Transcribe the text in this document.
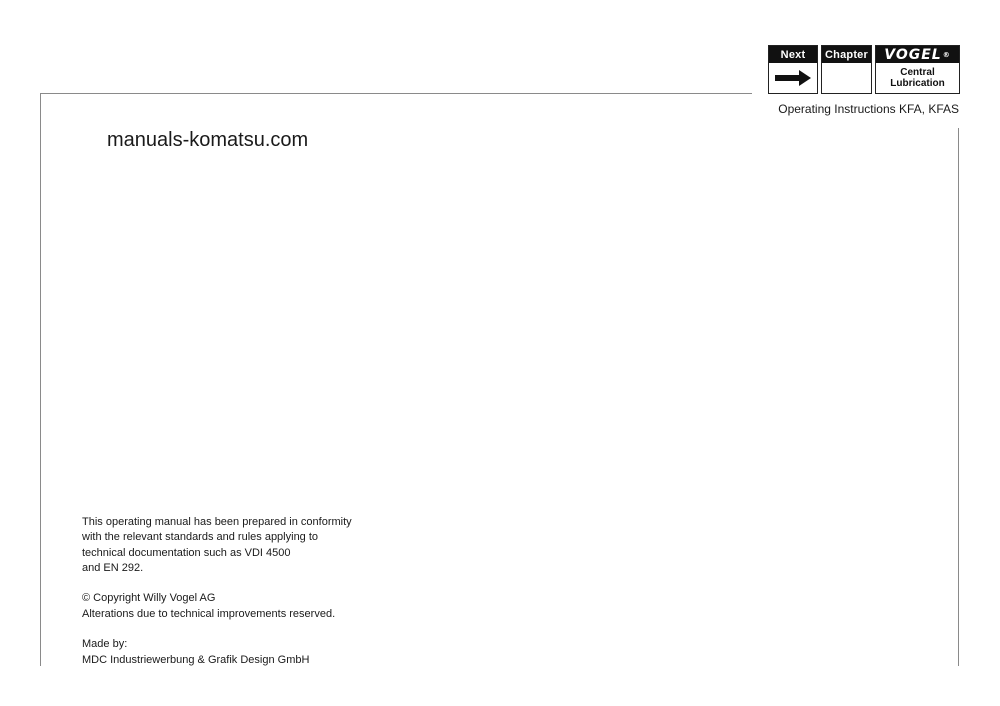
Next	Chapter VOGEL ®
Central
Lubrication
Operating Instructions KFA, KFAS
manuals-komatsu.com
This operating manual has been prepared in conformity
with the relevant standards and rules applying to
technical documentation such as VDI 4500
and EN 292.
© Copyright Willy Vogel AG
Alterations due to technical improvements reserved.
Made by:
MDC Industriewerbung & Grafik Design GmbH
